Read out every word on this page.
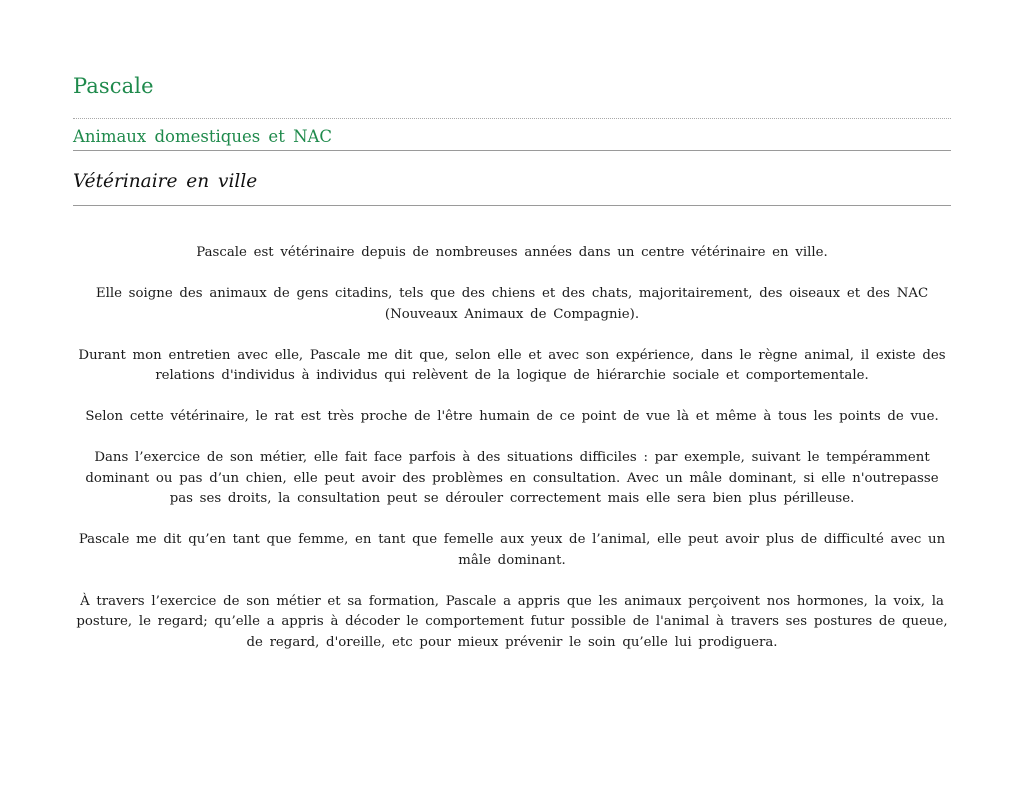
Pascale
Animaux domestiques et NAC
Vétérinaire en ville

Pascale est vétérinaire depuis de nombreuses années dans un centre vétérinaire en ville.

Elle soigne des animaux de gens citadins, tels que des chiens et des chats, majoritairement, des oiseaux et des NAC (Nouveaux Animaux de Compagnie).

Durant mon entretien avec elle, Pascale me dit que, selon elle et avec son expérience, dans le règne animal, il existe des relations d'individus à individus qui relèvent de la logique de hiérarchie sociale et comportementale.

Selon cette vétérinaire, le rat est très proche de l'être humain de ce point de vue là et même à tous les points de vue.

Dans l’exercice de son métier, elle fait face parfois à des situations difficiles : par exemple, suivant le tempéramment dominant ou pas d’un chien, elle peut avoir des problèmes en consultation. Avec un mâle dominant, si elle n'outrepasse pas ses droits, la consultation peut se dérouler correctement mais elle sera bien plus périlleuse.

Pascale me dit qu’en tant que femme, en tant que femelle aux yeux de l’animal, elle peut avoir plus de difficulté avec un mâle dominant.

À travers l’exercice de son métier et sa formation, Pascale a appris que les animaux perçoivent nos hormones, la voix, la posture, le regard; qu’elle a appris à décoder le comportement futur possible de l'animal à travers ses postures de queue, de regard, d'oreille, etc pour mieux prévenir le soin qu’elle lui prodiguera.
